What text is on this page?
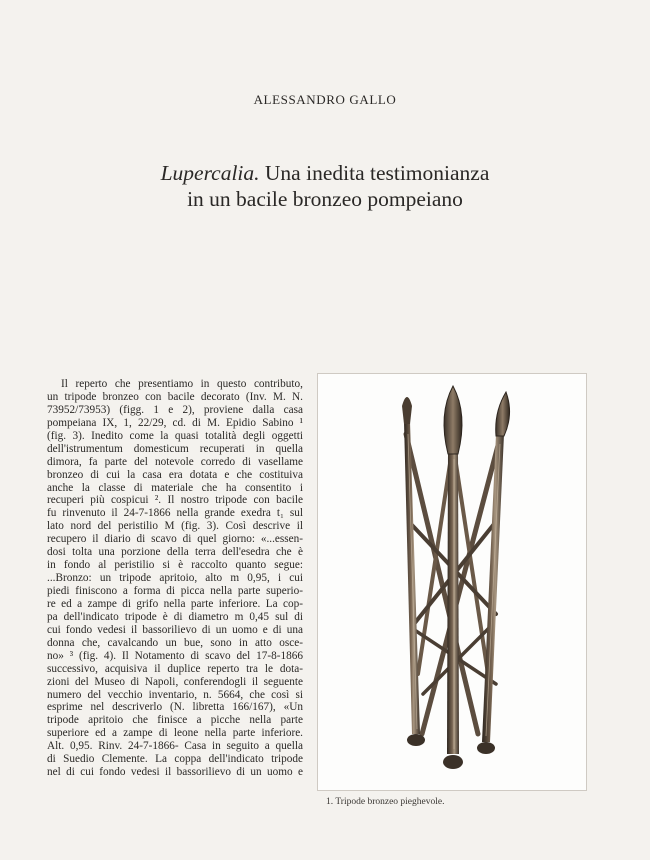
ALESSANDRO GALLO
Lupercalia. Una inedita testimonianza
in un bacile bronzeo pompeiano
Il reperto che presentiamo in questo contributo,
un tripode bronzeo con bacile decorato (Inv. M. N.
73952/73953) (figg. 1 e 2), proviene dalla casa
pompeiana IX, 1, 22/29, cd. di M. Epidio Sabino ¹
(fig. 3). Inedito come la quasi totalità degli oggetti
dell'istrumentum domesticum recuperati in quella
dimora, fa parte del notevole corredo di vasellame
bronzeo di cui la casa era dotata e che costituiva
anche la classe di materiale che ha consentito i
recuperi più cospicui ². Il nostro tripode con bacile
fu rinvenuto il 24-7-1866 nella grande exedra t₁ sul
lato nord del peristilio M (fig. 3). Così descrive il
recupero il diario di scavo di quel giorno: «...essen-
dosi tolta una porzione della terra dell'esedra che è
in fondo al peristilio si è raccolto quanto segue:
...Bronzo: un tripode apritoio, alto m 0,95, i cui
piedi finiscono a forma di picca nella parte superio-
re ed a zampe di grifo nella parte inferiore. La cop-
pa dell'indicato tripode è di diametro m 0,45 sul di
cui fondo vedesi il bassorilievo di un uomo e di una
donna che, cavalcando un bue, sono in atto osce-
no» ³ (fig. 4). Il Notamento di scavo del 17-8-1866
successivo, acquisiva il duplice reperto tra le dota-
zioni del Museo di Napoli, conferendogli il seguente
numero del vecchio inventario, n. 5664, che così si
esprime nel descriverlo (N. libretta 166/167), «Un
tripode apritoio che finisce a picche nella parte
superiore ed a zampe di leone nella parte inferiore.
Alt. 0,95. Rinv. 24-7-1866- Casa in seguito a quella
di Suedio Clemente. La coppa dell'indicato tripode
nel di cui fondo vedesi il bassorilievo di un uomo e
1. Tripode bronzeo pieghevole.
